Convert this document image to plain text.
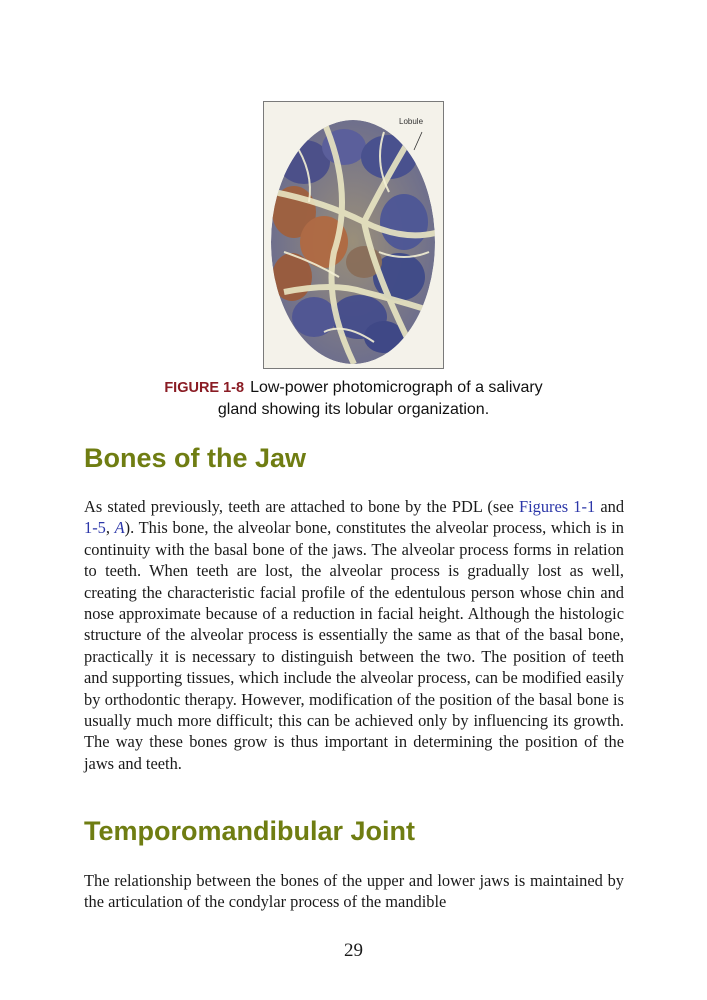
Lobule
FIGURE 1-8 Low-power photomicrograph of a salivary
gland showing its lobular organization.
Bones of the Jaw

As stated previously, teeth are attached to bone by the PDL (see Figures 1-1 and 1-5, A). This bone, the alveolar bone, constitutes the alveolar process, which is in continuity with the basal bone of the jaws. The alveolar process forms in relation to teeth. When teeth are lost, the alveolar process is gradually lost as well, creating the characteristic facial profile of the edentulous person whose chin and nose approximate because of a reduction in facial height. Although the histologic structure of the alveolar process is essentially the same as that of the basal bone, practically it is necessary to distinguish between the two. The position of teeth and supporting tissues, which include the alveolar process, can be modified easily by orthodontic therapy. However, modification of the position of the basal bone is usually much more difficult; this can be achieved only by influencing its growth. The way these bones grow is thus important in determining the position of the jaws and teeth.

Temporomandibular Joint

The relationship between the bones of the upper and lower jaws is maintained by the articulation of the condylar process of the mandible

29
